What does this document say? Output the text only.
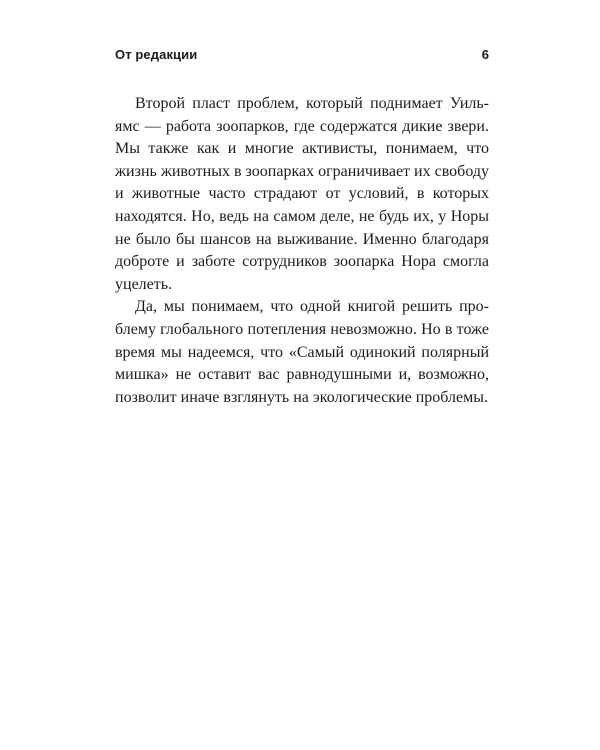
От редакции	6

Второй пласт проблем, который поднимает Уильямс — работа зоопарков, где содержатся дикие звери. Мы также как и многие активисты, понимаем, что жизнь животных в зоопарках ограничивает их свободу и животные часто страдают от условий, в которых находятся. Но, ведь на самом деле, не будь их, у Норы не было бы шансов на выживание. Именно благодаря доброте и заботе сотрудников зоопарка Нора смогла уцелеть.

Да, мы понимаем, что одной книгой решить проблему глобального потепления невозможно. Но в тоже время мы надеемся, что «Самый одинокий полярный мишка» не оставит вас равнодушными и, возможно, позволит иначе взглянуть на экологические проблемы.
